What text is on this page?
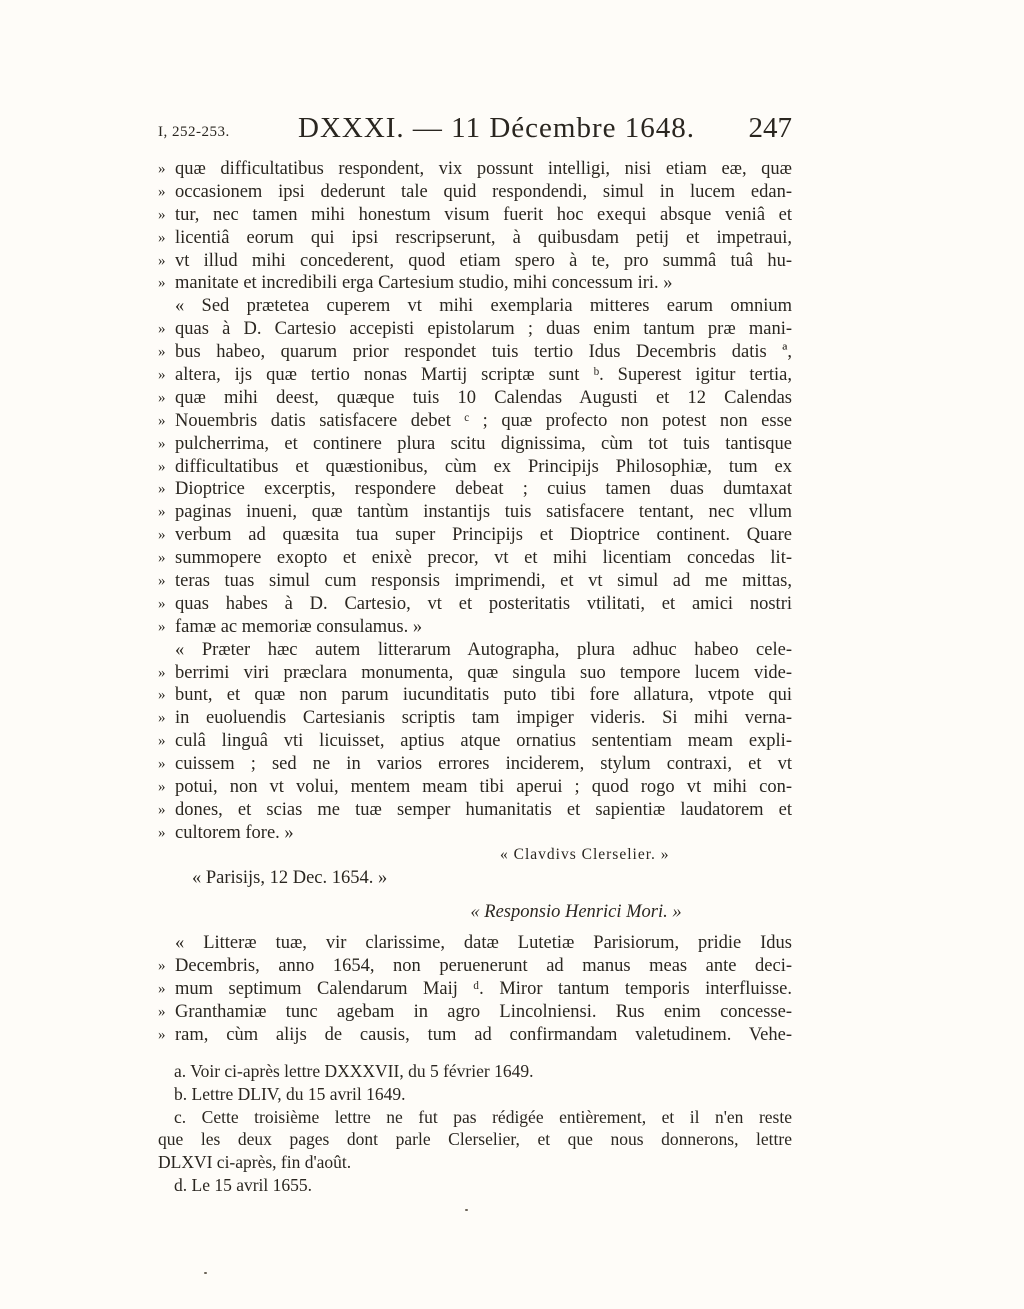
I, 252-253. DXXXI. — 11 Décembre 1648. 247
» quæ difficultatibus respondent, vix possunt intelligi, nisi etiam eæ, quæ
» occasionem ipsi dederunt tale quid respondendi, simul in lucem edan-
» tur, nec tamen mihi honestum visum fuerit hoc exequi absque veniâ et
» licentiâ eorum qui ipsi rescripserunt, à quibusdam petij et impetraui,
» vt illud mihi concederent, quod etiam spero à te, pro summâ tuâ hu-
» manitate et incredibili erga Cartesium studio, mihi concessum iri. »
« Sed prætetea cuperem vt mihi exemplaria mitteres earum omnium
» quas à D. Cartesio accepisti epistolarum ; duas enim tantum præ mani-
» bus habeo, quarum prior respondet tuis tertio Idus Decembris datis ª,
» altera, ijs quæ tertio nonas Martij scriptæ sunt ᵇ. Superest igitur tertia,
» quæ mihi deest, quæque tuis 10 Calendas Augusti et 12 Calendas
» Nouembris datis satisfacere debet ᶜ ; quæ profecto non potest non esse
» pulcherrima, et continere plura scitu dignissima, cùm tot tuis tantisque
» difficultatibus et quæstionibus, cùm ex Principijs Philosophiæ, tum ex
» Dioptrice excerptis, respondere debeat ; cuius tamen duas dumtaxat
» paginas inueni, quæ tantùm instantijs tuis satisfacere tentant, nec vllum
» verbum ad quæsita tua super Principijs et Dioptrice continent. Quare
» summopere exopto et enixè precor, vt et mihi licentiam concedas lit-
» teras tuas simul cum responsis imprimendi, et vt simul ad me mittas,
» quas habes à D. Cartesio, vt et posteritatis vtilitati, et amici nostri
» famæ ac memoriæ consulamus. »
« Præter hæc autem litterarum Autographa, plura adhuc habeo cele-
» berrimi viri præclara monumenta, quæ singula suo tempore lucem vide-
» bunt, et quæ non parum iucunditatis puto tibi fore allatura, vtpote qui
» in euoluendis Cartesianis scriptis tam impiger videris. Si mihi verna-
» culâ linguâ vti licuisset, aptius atque ornatius sententiam meam expli-
» cuissem ; sed ne in varios errores inciderem, stylum contraxi, et vt
» potui, non vt volui, mentem meam tibi aperui ; quod rogo vt mihi con-
» dones, et scias me tuæ semper humanitatis et sapientiæ laudatorem et
» cultorem fore. »
« Clavdivs Clerselier. »
« Parisijs, 12 Dec. 1654. »
« Responsio Henrici Mori. »
« Litteræ tuæ, vir clarissime, datæ Lutetiæ Parisiorum, pridie Idus
» Decembris, anno 1654, non peruenerunt ad manus meas ante deci-
» mum septimum Calendarum Maij ᵈ. Miror tantum temporis interfluisse.
» Granthamiæ tunc agebam in agro Lincolniensi. Rus enim concesse-
» ram, cùm alijs de causis, tum ad confirmandam valetudinem. Vehe-
a. Voir ci-après lettre DXXXVII, du 5 février 1649.
b. Lettre DLIV, du 15 avril 1649.
c. Cette troisième lettre ne fut pas rédigée entièrement, et il n'en reste
que les deux pages dont parle Clerselier, et que nous donnerons, lettre
DLXVI ci-après, fin d'août.
d. Le 15 avril 1655.
